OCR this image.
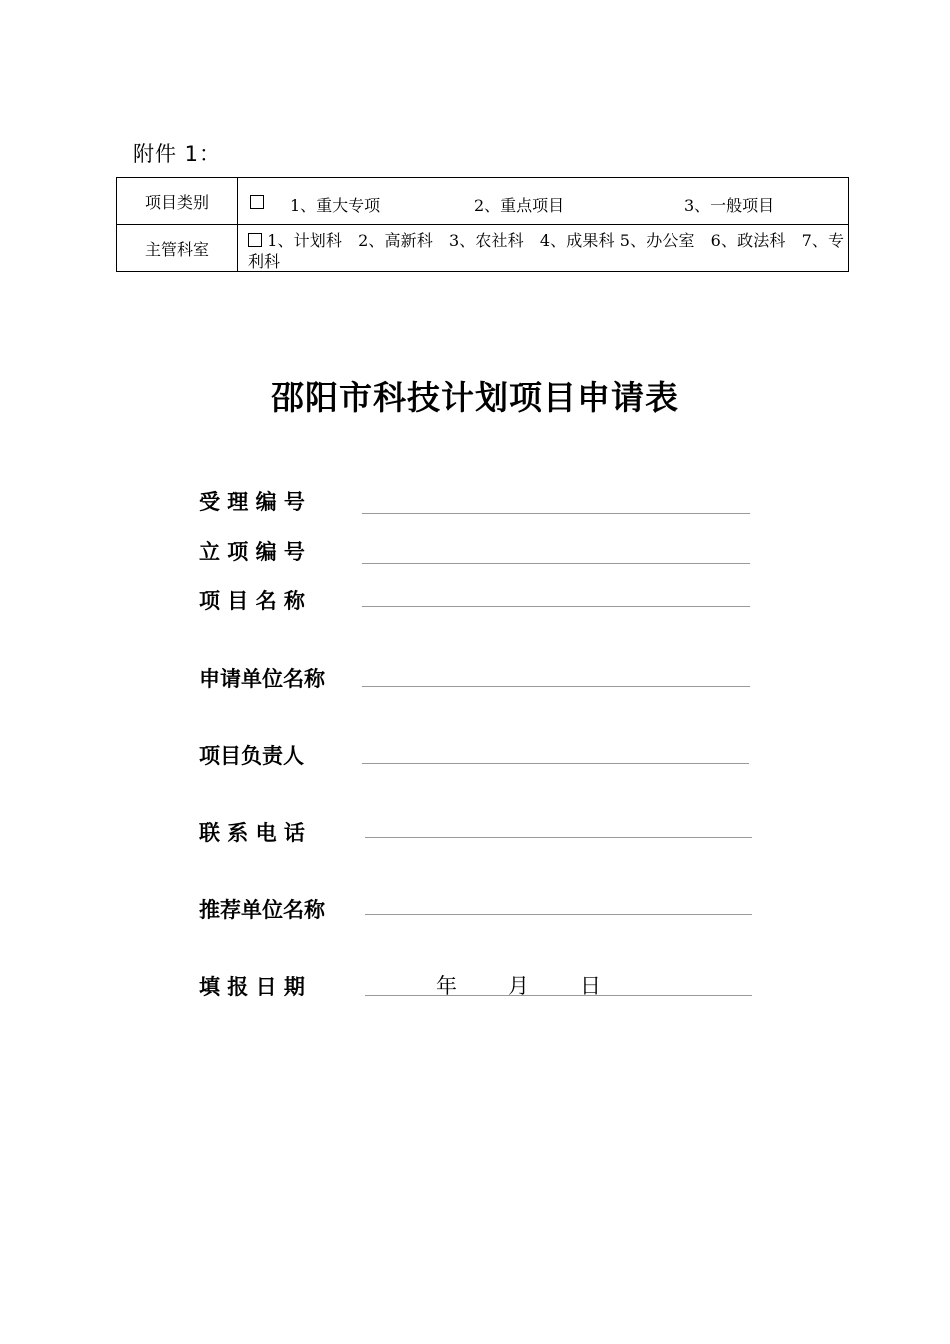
附件 1：
项目类别	1、重大专项 2、重点项目 3、一般项目

主管科室	1、计划科　2、高新科　3、农社科　4、成果科 5、办公室　6、政法科　7、专利科
邵阳市科技计划项目申请表
受 理 编 号
立 项 编 号
项 目 名 称
申请单位名称
项目负责人
联 系 电 话
推荐单位名称
填 报 日 期	年 月 日
